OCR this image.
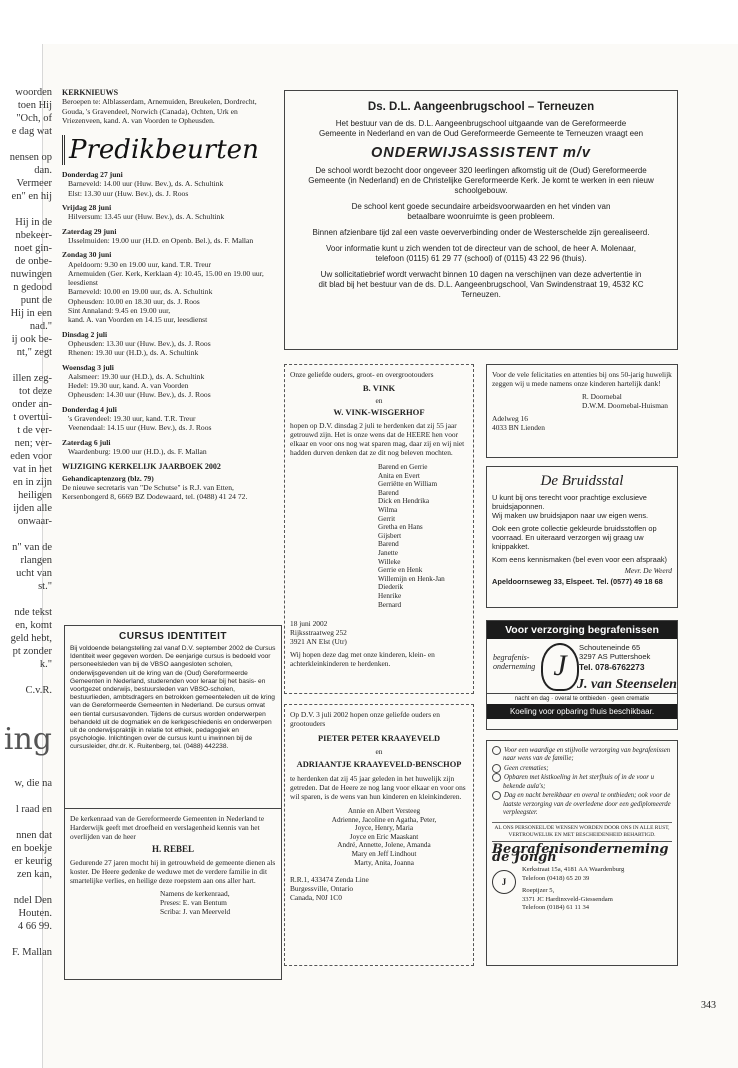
woorden
toen Hij
"Och, of
e dag wat

nensen op
dan.
Vermeer
en" en hij

Hij in de
nbekeer-
noet gin-
de onbe-
nuwingen
n gedood
punt de
Hij in een
nad."
ij ook be-
nt," zegt

illen zeg-
tot deze
onder an-
t overtui-
t de ver-
nen; ver-
eden voor
vat in het
en in zijn
heiligen
ijden alle
onwaar-

n" van de
rlangen
ucht van
st."

nde tekst
en, komt
geld hebt,
pt zonder
k."

C.v.R.
ing
w, die na

l raad en

nnen dat
en boekje
er keurig
zen kan,

ndel Den
Houten.
4 66 99.

F. Mallan
KERKNIEUWS
Beroepen te: Alblasserdam, Arnemuiden, Breukelen, Dordrecht, Gouda, 's Gravendeel, Norwich (Canada), Ochten, Urk en Vriezenveen, kand. A. van Voorden te Opheusden.
Predikbeurten
Donderdag 27 juni
Barneveld: 14.00 uur (Huw. Bev.), ds. A. Schultink
Elst: 13.30 uur (Huw. Bev.), ds. J. Roos
Vrijdag 28 juni
Hilversum: 13.45 uur (Huw. Bev.), ds. A. Schultink
Zaterdag 29 juni
IJsselmuiden: 19.00 uur (H.D. en Openb. Bel.), ds. F. Mallan
Zondag 30 juni
Apeldoorn: 9.30 en 19.00 uur, kand. T.R. Treur
Arnemuiden (Ger. Kerk, Kerklaan 4): 10.45, 15.00 en 19.00 uur, leesdienst
Barneveld: 10.00 en 19.00 uur, ds. A. Schultink
Opheusden: 10.00 en 18.30 uur, ds. J. Roos
Sint Annaland: 9.45 en 19.00 uur,
kand. A. van Voorden en 14.15 uur, leesdienst
Dinsdag 2 juli
Opheusden: 13.30 uur (Huw. Bev.), ds. J. Roos
Rhenen: 19.30 uur (H.D.), ds. A. Schultink
Woensdag 3 juli
Aalsmeer: 19.30 uur (H.D.), ds. A. Schultink
Hedel: 19.30 uur, kand. A. van Voorden
Opheusden: 14.30 uur (Huw. Bev.), ds. J. Roos
Donderdag 4 juli
's Gravendeel: 19.30 uur, kand. T.R. Treur
Veenendaal: 14.15 uur (Huw. Bev.), ds. J. Roos
Zaterdag 6 juli
Waardenburg: 19.00 uur (H.D.), ds. F. Mallan
WIJZIGING KERKELIJK JAARBOEK 2002
Gehandicaptenzorg (blz. 79)
De nieuwe secretaris van "De Schutse" is R.J. van Etten, Kersenbongerd 8, 6669 BZ Dodewaard, tel. (0488) 41 24 72.
CURSUS IDENTITEIT
Bij voldoende belangstelling zal vanaf D.V. september 2002 de Cursus Identiteit weer gegeven worden. De eenjarige cursus is bedoeld voor personeelsleden van bij de VBSO aangesloten scholen, onderwijsgevenden uit de kring van de (Oud) Gereformeerde Gemeenten in Nederland, studerenden voor leraar bij het basis- en voortgezet onderwijs, bestuursleden van VBSO-scholen, bestuurlieden, ambtsdragers en betrokken gemeenteleden uit de kring van de Gereformeerde Gemeenten in Nederland. De cursus omvat een tiental cursusavonden. Tijdens de cursus worden onderwerpen behandeld uit de dogmatiek en de kerkgeschiedenis en onderwerpen uit de onderwijspraktijk in relatie tot ethiek, pedagogiek en psychologie. Inlichtingen over de cursus kunt u inwinnen bij de cursusleider, dhr.dr. K. Ruitenberg, tel. (0488) 442238.
De kerkenraad van de Gereformeerde Gemeenten in Nederland te Harderwijk geeft met droefheid en verslagenheid kennis van het overlijden van de heer
H. REBEL
Gedurende 27 jaren mocht hij in getrouwheid de gemeente dienen als koster. De Heere gedenke de weduwe met de verdere familie in dit smartelijke verlies, en heilige deze roepstem aan ons aller hart.
Namens de kerkenraad,
Preses: E. van Bentum
Scriba: J. van Meerveld
Ds. D.L. Aangeenbrugschool – Terneuzen
Het bestuur van de ds. D.L. Aangeenbrugschool uitgaande van de Gereformeerde Gemeente in Nederland en van de Oud Gereformeerde Gemeente te Terneuzen vraagt een
ONDERWIJSASSISTENT m/v
De school wordt bezocht door ongeveer 320 leerlingen afkomstig uit de (Oud) Gereformeerde Gemeente (in Nederland) en de Christelijke Gereformeerde Kerk. Je komt te werken in een nieuw schoolgebouw.
De school kent goede secundaire arbeidsvoorwaarden en het vinden van betaalbare woonruimte is geen probleem.
Binnen afzienbare tijd zal een vaste oeververbinding onder de Westerschelde zijn gerealiseerd.
Voor informatie kunt u zich wenden tot de directeur van de school, de heer A. Molenaar, telefoon (0115) 61 29 77 (school) of (0115) 43 22 96 (thuis).
Uw sollicitatiebrief wordt verwacht binnen 10 dagen na verschijnen van deze advertentie in dit blad bij het bestuur van de ds. D.L. Aangeenbrugschool, Van Swindenstraat 19, 4532 KC Terneuzen.
Onze geliefde ouders, groot- en overgrootouders
B. VINK
en
W. VINK-WISGERHOF
hopen op D.V. dinsdag 2 juli te herdenken dat zij 55 jaar getrouwd zijn. Het is onze wens dat de HEERE hen voor elkaar en voor ons nog wat sparen mag, daar zij en wij niet hadden durven denken dat ze dit nog beleven mochten.
Barend en Gerrie
Anita en Evert
Gerriëtte en William
Barend
Dick en Hendrika
Wilma
Gerrit
Gretha en Hans
Gijsbert
Barend
Janette
Willeke
Gerrie en Henk
Willemijn en Henk-Jan
Diederik
Henrike
Bernard
18 juni 2002
Rijksstraatweg 252
3921 AN Elst (Utr)
Wij hopen deze dag met onze kinderen, klein- en achterkleinkinderen te herdenken.
Op D.V. 3 juli 2002 hopen onze geliefde ouders en grootouders
PIETER PETER KRAAYEVELD
en
ADRIAANTJE KRAAYEVELD-BENSCHOP
te herdenken dat zij 45 jaar geleden in het huwelijk zijn getreden. Dat de Heere ze nog lang voor elkaar en voor ons wil sparen, is de wens van hun kinderen en kleinkinderen.
Annie en Albert Versteeg
Adrienne, Jacoline en Agatha, Peter,
Joyce, Henry, Maria
Joyce en Eric Maaskant
André, Annette, Jolene, Amanda
Mary en Jeff Lindhout
Marty, Anita, Joanna
R.R.1, 433474 Zenda Line
Burgessville, Ontario
Canada, N0J 1C0
Voor de vele felicitaties en attenties bij ons 50-jarig huwelijk zeggen wij u mede namens onze kinderen hartelijk dank!
R. Doornebal
D.W.M. Doornebal-Huisman
Adelweg 16
4033 BN Lienden
De Bruidsstal
U kunt bij ons terecht voor prachtige exclusieve bruidsjaponnen.
Wij maken uw bruidsjapon naar uw eigen wens.
Ook een grote collectie gekleurde bruidsstoffen op voorraad. En uiteraard verzorgen wij graag uw knippakket.
Kom eens kennismaken (bel even voor een afspraak)
Mevr. De Weerd
Apeldoornseweg 33, Elspeet. Tel. (0577) 49 18 68
Voor verzorging begrafenissen
begrafenis-onderneming J
Schouteneinde 65
3297 AS Puttershoek
Tel. 078-6762273
J. van Steenselen
nacht en dag · overal te ontbieden · geen crematie
Koeling voor opbaring thuis beschikbaar.
Voor een waardige en stijlvolle verzorging van begrafenissen naar wens van de familie;
Geen crematies;
Opbaren met kistkoeling in het sterfhuis of in de voor u bekende aula's;
Dag en nacht bereikbaar en overal te ontbieden; ook voor de laatste verzorging van de overledene door een gediplomeerde verpleegster.
AL ONS PERSONEEL/DE WENSEN WORDEN DOOR ONS IN ALLE RUST, VERTROUWELIJK EN MET BESCHEIDENHEID BEHARTIGD.
Begrafenisonderneming de Jongh
J
Kerkstraat 15a, 4181 AA Waardenburg
Telefoon (0418) 65 20 39
Roepijzer 5,
3371 JC Hardinxveld-Giessendam
Telefoon (0184) 61 11 34
343
